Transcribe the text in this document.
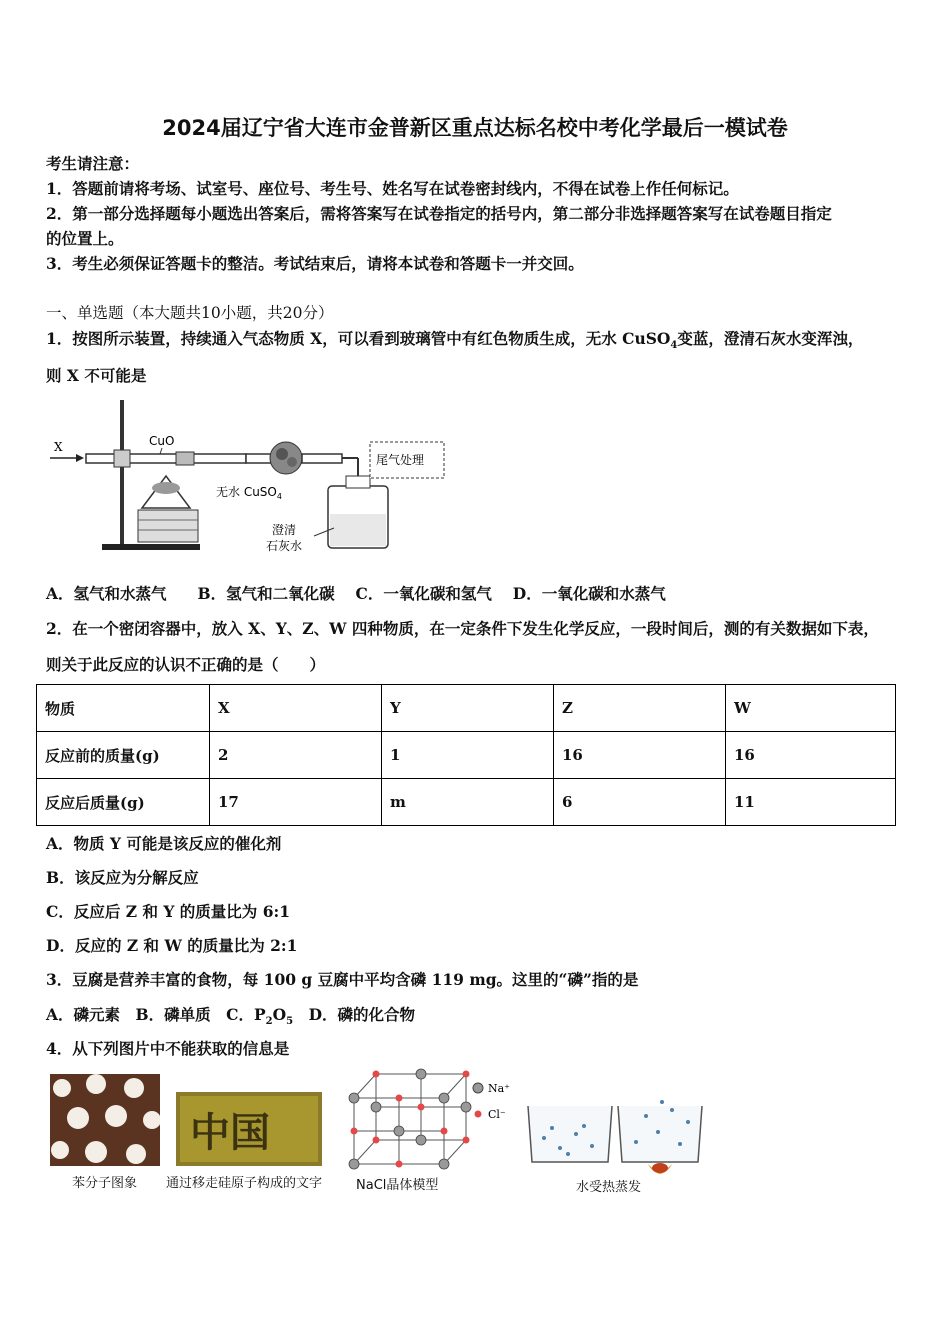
2024届辽宁省大连市金普新区重点达标名校中考化学最后一模试卷
考生请注意：
1．答题前请将考场、试室号、座位号、考生号、姓名写在试卷密封线内，不得在试卷上作任何标记。
2．第一部分选择题每小题选出答案后，需将答案写在试卷指定的括号内，第二部分非选择题答案写在试卷题目指定
的位置上。
3．考生必须保证答题卡的整洁。考试结束后，请将本试卷和答题卡一并交回。
一、单选题（本大题共10小题，共20分）
1．按图所示装置，持续通入气态物质 X，可以看到玻璃管中有红色物质生成，无水 CuSO$_4$变蓝，澄清石灰水变浑浊，
则 X 不可能是
X	CuO
无水 CuSO$_4$
尾气处理
澄清
石灰水
A．氢气和水蒸气　　B．氢气和二氧化碳　 C．一氧化碳和氢气　 D．一氧化碳和水蒸气
2．在一个密闭容器中，放入 X、Y、Z、W 四种物质，在一定条件下发生化学反应，一段时间后，测的有关数据如下表，
则关于此反应的认识不正确的是（　　）
物质	X	Y	Z	W
反应前的质量(g)	2	1	16	16
反应后质量(g)	17	m	6	11
A．物质 Y 可能是该反应的催化剂
B．该反应为分解反应
C．反应后 Z 和 Y 的质量比为 6:1
D．反应的 Z 和 W 的质量比为 2:1
3．豆腐是营养丰富的食物，每 100 g 豆腐中平均含磷 119 mg。这里的“磷”指的是
A．磷元素　B．磷单质　C．$P_2O_5$　D．磷的化合物
4．从下列图片中不能获取的信息是
苯分子图象
中国
通过移走硅原子构成的文字
Na⁺
Cl⁻
NaCl晶体模型	水受热蒸发
